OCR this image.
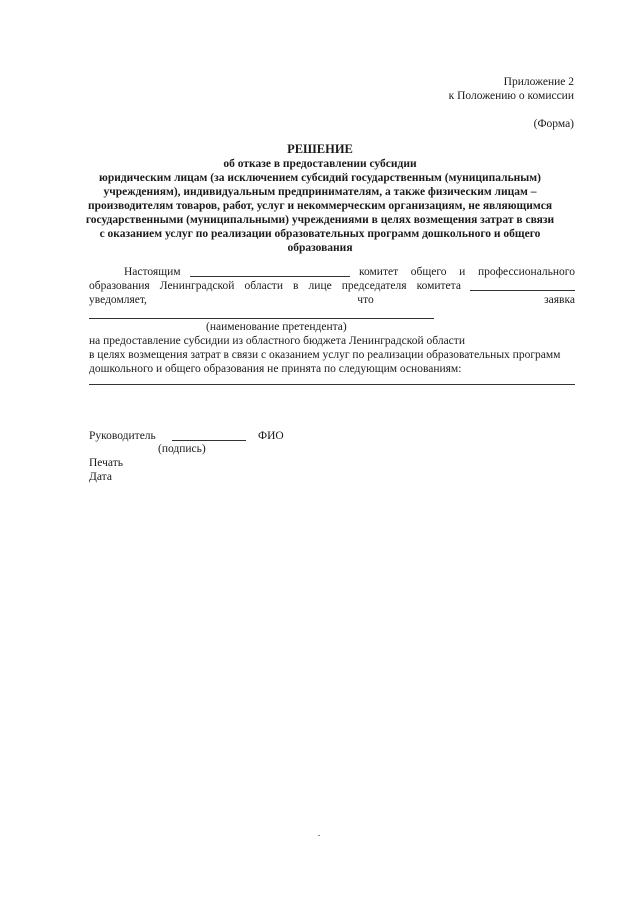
Приложение 2
к Положению о комиссии
(Форма)
РЕШЕНИЕ
об отказе в предоставлении субсидии
юридическим лицам (за исключением субсидий государственным (муниципальным)
учреждениям), индивидуальным предпринимателям, а также физическим лицам –
производителям товаров, работ, услуг и некоммерческим организациям, не являющимся
государственными (муниципальными) учреждениями в целях возмещения затрат в связи
с оказанием услуг по реализации образовательных программ дошкольного и общего
образования
Настоящим	комитет общего и профессионального
образования Ленинградской области в лице председателя комитета
уведомляет,	что	заявка
(наименование претендента)
на предоставление субсидии из областного бюджета Ленинградской области
в целях возмещения затрат в связи с оказанием услуг по реализации образовательных программ
дошкольного и общего образования не принята по следующим основаниям:
Руководитель	ФИО
(подпись)
Печать
Дата
